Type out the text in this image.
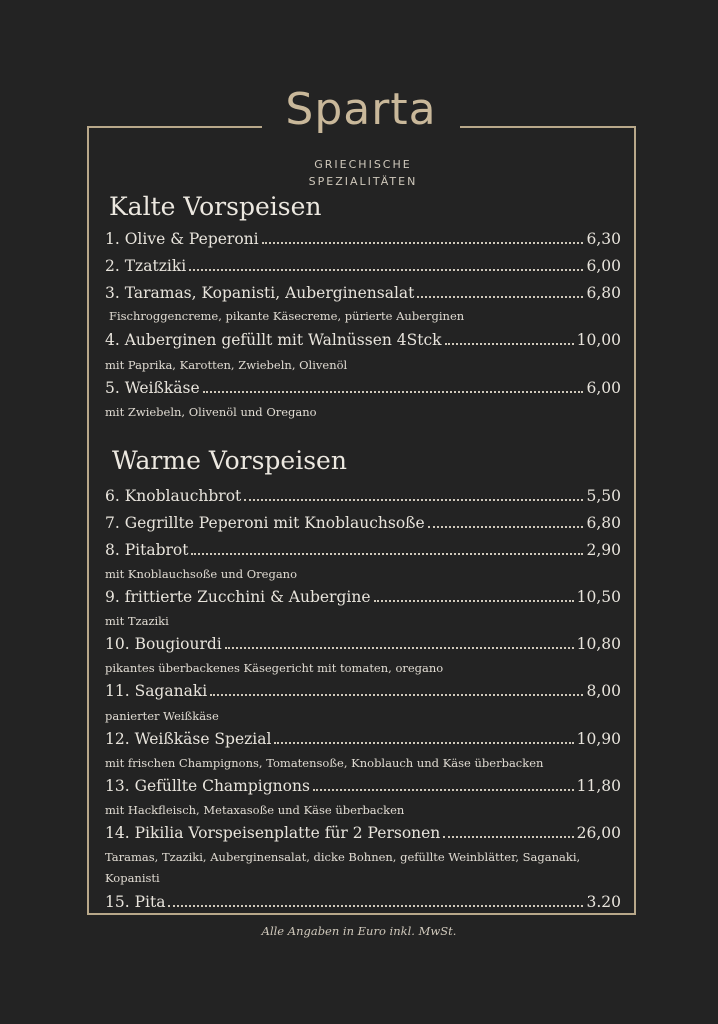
Sparta
GRIECHISCHE
SPEZIALITÄTEN
Kalte Vorspeisen
1. Olive & Peperoni	6,30
2. Tzatziki	6,00
3. Taramas, Kopanisti, Auberginensalat	6,80
Fischroggencreme, pikante Käsecreme, pürierte Auberginen
4. Auberginen gefüllt mit Walnüssen 4Stck	10,00
mit Paprika, Karotten, Zwiebeln, Olivenöl
5. Weißkäse	6,00
mit Zwiebeln, Olivenöl und Oregano
Warme Vorspeisen
6. Knoblauchbrot	5,50
7. Gegrillte Peperoni mit Knoblauchsoße	6,80
8. Pitabrot	2,90
mit Knoblauchsoße und Oregano
9. frittierte Zucchini & Aubergine	10,50
mit Tzaziki
10. Bougiourdi	10,80
pikantes überbackenes Käsegericht mit tomaten, oregano
11. Saganaki	8,00
panierter Weißkäse
12. Weißkäse Spezial	10,90
mit frischen Champignons, Tomatensoße, Knoblauch und Käse überbacken
13. Gefüllte Champignons	11,80
mit Hackfleisch, Metaxasoße und Käse überbacken
14. Pikilia Vorspeisenplatte für 2 Personen	26,00
Taramas, Tzaziki, Auberginensalat, dicke Bohnen, gefüllte Weinblätter, Saganaki,
Kopanisti
15. Pita	3.20
Alle Angaben in Euro inkl. MwSt.
